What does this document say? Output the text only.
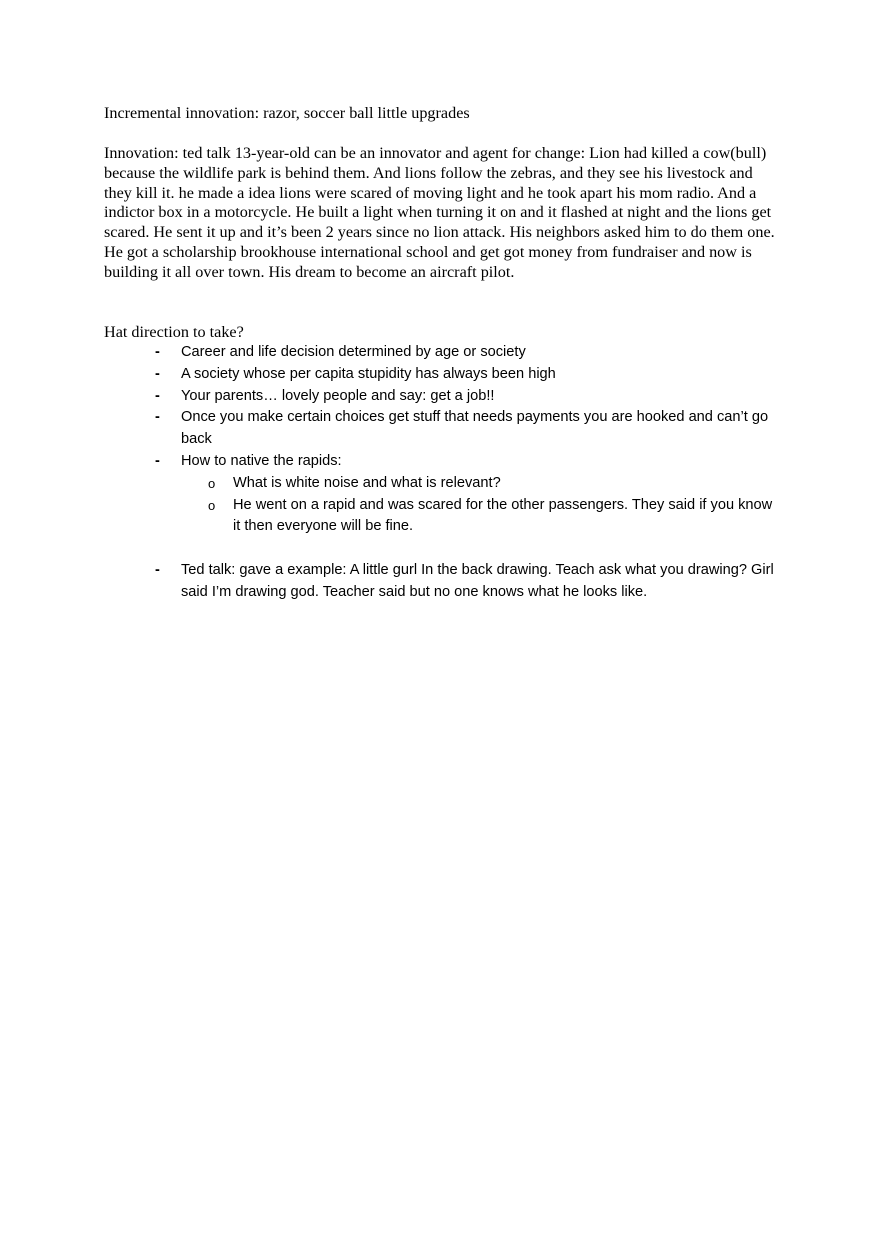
Incremental innovation: razor, soccer ball little upgrades

Innovation: ted talk 13-year-old can be an innovator and agent for change: Lion had killed a cow(bull) because the wildlife park is behind them. And lions follow the zebras, and they see his livestock and they kill it. he made a idea lions were scared of moving light and he took apart his mom radio. And a indictor box in a motorcycle. He built a light when turning it on and it flashed at night and the lions get scared. He sent it up and it’s been 2 years since no lion attack. His neighbors asked him to do them one. He got a scholarship brookhouse international school and get got money from fundraiser and now is building it all over town. His dream to become an aircraft pilot.

Hat direction to take?

- Career and life decision determined by age or society
- A society whose per capita stupidity has always been high
- Your parents… lovely people and say: get a job!!
- Once you make certain choices get stuff that needs payments you are hooked and can’t go back
- How to native the rapids:
o What is white noise and what is relevant?
o He went on a rapid and was scared for the other passengers. They said if you know it then everyone will be fine.
- Ted talk: gave a example: A little gurl In the back drawing. Teach ask what you drawing? Girl said I’m drawing god. Teacher said but no one knows what he looks like.
